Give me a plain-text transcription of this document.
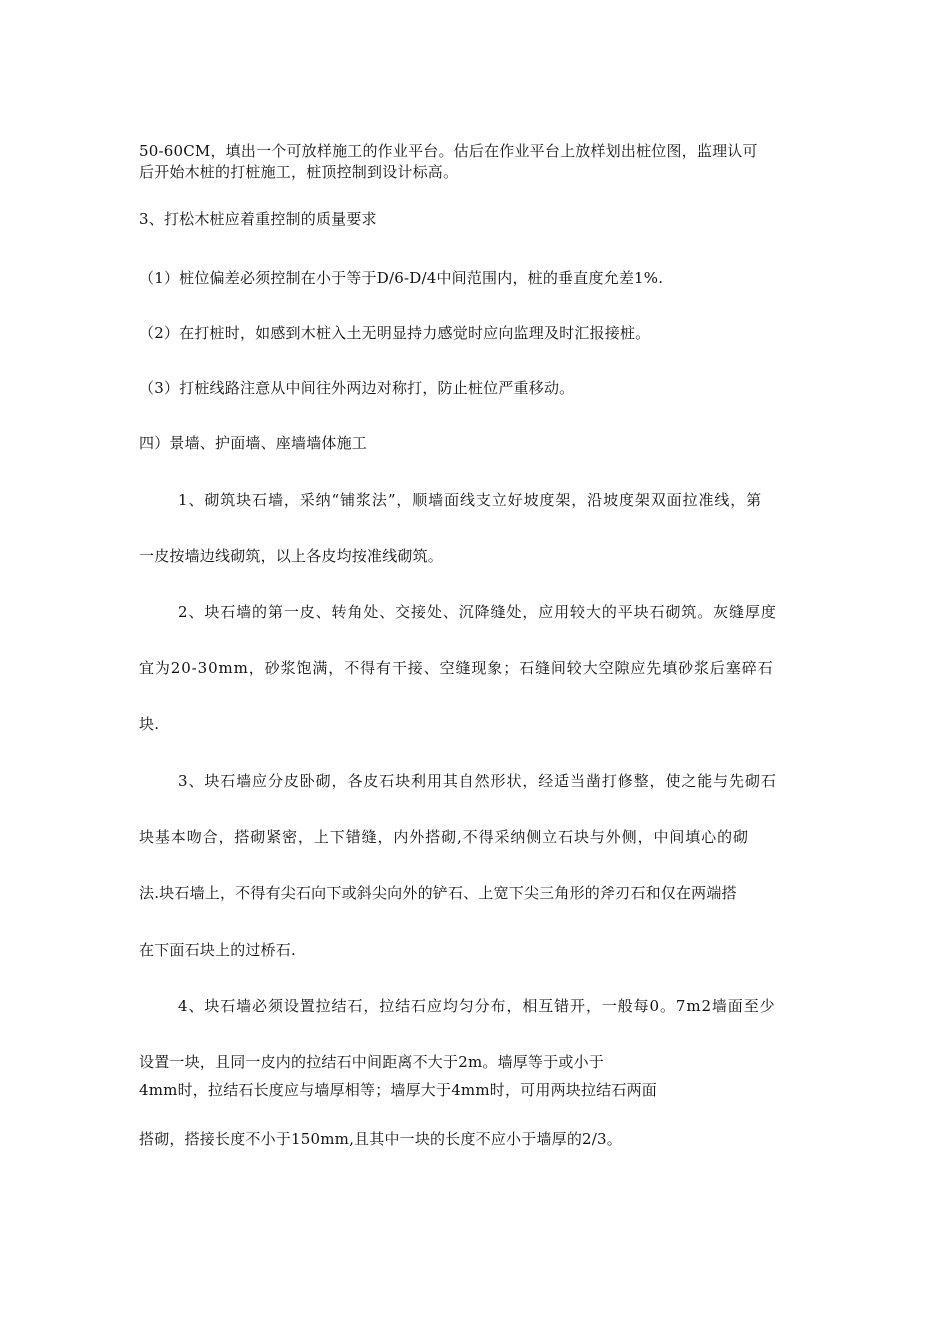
50-60CM，填出一个可放样施工的作业平台。估后在作业平台上放样划出桩位图，监理认可
后开始木桩的打桩施工，桩顶控制到设计标高。
3、打松木桩应着重控制的质量要求
（1）桩位偏差必须控制在小于等于D/6-D/4中间范围内，桩的垂直度允差1%.
（2）在打桩时，如感到木桩入土无明显持力感觉时应向监理及时汇报接桩。
（3）打桩线路注意从中间往外两边对称打，防止桩位严重移动。
四）景墙、护面墙、座墙墙体施工
1、砌筑块石墙，采纳“铺浆法”，顺墙面线支立好坡度架，沿坡度架双面拉准线，第
一皮按墙边线砌筑，以上各皮均按准线砌筑。
2、块石墙的第一皮、转角处、交接处、沉降缝处，应用较大的平块石砌筑。灰缝厚度
宜为20-30mm，砂浆饱满，不得有干接、空缝现象；石缝间较大空隙应先填砂浆后塞碎石
块.
3、块石墙应分皮卧砌，各皮石块利用其自然形状，经适当凿打修整，使之能与先砌石
块基本吻合，搭砌紧密，上下错缝，内外搭砌,不得采纳侧立石块与外侧，中间填心的砌
法.块石墙上，不得有尖石向下或斜尖向外的铲石、上宽下尖三角形的斧刃石和仅在两端搭
在下面石块上的过桥石.
4、块石墙必须设置拉结石，拉结石应均匀分布，相互错开，一般每0。7m2墙面至少
设置一块，且同一皮内的拉结石中间距离不大于2m。墙厚等于或小于
4mm时，拉结石长度应与墙厚相等；墙厚大于4mm时，可用两块拉结石两面
搭砌，搭接长度不小于150mm,且其中一块的长度不应小于墙厚的2/3。
